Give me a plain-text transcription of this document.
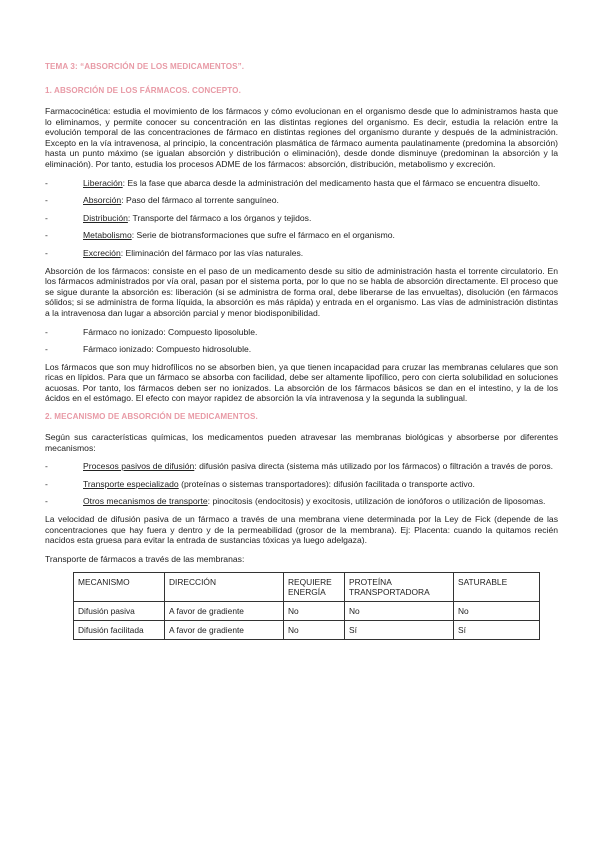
TEMA 3: “ABSORCIÓN DE LOS MEDICAMENTOS”.

1. ABSORCIÓN DE LOS FÁRMACOS. CONCEPTO.

Farmacocinética: estudia el movimiento de los fármacos y cómo evolucionan en el organismo desde que lo administramos hasta que lo eliminamos, y permite conocer su concentración en las distintas regiones del organismo. Es decir, estudia la relación entre la evolución temporal de las concentraciones de fármaco en distintas regiones del organismo durante y después de la administración. Excepto en la vía intravenosa, al principio, la concentración plasmática de fármaco aumenta paulatinamente (predomina la absorción) hasta un punto máximo (se igualan absorción y distribución o eliminación), desde donde disminuye (predominan la absorción y la eliminación). Por tanto, estudia los procesos ADME de los fármacos: absorción, distribución, metabolismo y excreción.

-	Liberación: Es la fase que abarca desde la administración del medicamento hasta que el fármaco se encuentra disuelto.
-	Absorción: Paso del fármaco al torrente sanguíneo.
-	Distribución: Transporte del fármaco a los órganos y tejidos.
-	Metabolismo: Serie de biotransformaciones que sufre el fármaco en el organismo.
-	Excreción: Eliminación del fármaco por las vías naturales.

Absorción de los fármacos: consiste en el paso de un medicamento desde su sitio de administración hasta el torrente circulatorio. En los fármacos administrados por vía oral, pasan por el sistema porta, por lo que no se habla de absorción directamente. El proceso que se sigue durante la absorción es: liberación (si se administra de forma oral, debe liberarse de las envueltas), disolución (en fármacos sólidos; si se administra de forma líquida, la absorción es más rápida) y entrada en el organismo. Las vías de administración distintas a la intravenosa dan lugar a absorción parcial y menor biodisponibilidad.

-	Fármaco no ionizado: Compuesto liposoluble.
-	Fármaco ionizado: Compuesto hidrosoluble.

Los fármacos que son muy hidrofílicos no se absorben bien, ya que tienen incapacidad para cruzar las membranas celulares que son ricas en lípidos. Para que un fármaco se absorba con facilidad, debe ser altamente lipofílico, pero con cierta solubilidad en soluciones acuosas. Por tanto, los fármacos deben ser no ionizados. La absorción de los fármacos básicos se dan en el intestino, y la de los ácidos en el estómago. El efecto con mayor rapidez de absorción la vía intravenosa y la segunda la sublingual.

2. MECANISMO DE ABSORCIÓN DE MEDICAMENTOS.

Según sus características químicas, los medicamentos pueden atravesar las membranas biológicas y absorberse por diferentes mecanismos:

-	Procesos pasivos de difusión: difusión pasiva directa (sistema más utilizado por los fármacos) o filtración a través de poros.
-	Transporte especializado (proteínas o sistemas transportadores): difusión facilitada o transporte activo.
-	Otros mecanismos de transporte: pinocitosis (endocitosis) y exocitosis, utilización de ionóforos o utilización de liposomas.

La velocidad de difusión pasiva de un fármaco a través de una membrana viene determinada por la Ley de Fick (depende de las concentraciones que hay fuera y dentro y de la permeabilidad (grosor de la membrana). Ej: Placenta: cuando la quitamos recién nacidos esta gruesa para evitar la entrada de sustancias tóxicas ya luego adelgaza).

Transporte de fármacos a través de las membranas:

MECANISMO	DIRECCIÓN	REQUIERE ENERGÍA	PROTEÍNA TRANSPORTADORA	SATURABLE
Difusión pasiva	A favor de gradiente	No	No	No
Difusión facilitada	A favor de gradiente	No	Sí	Sí
